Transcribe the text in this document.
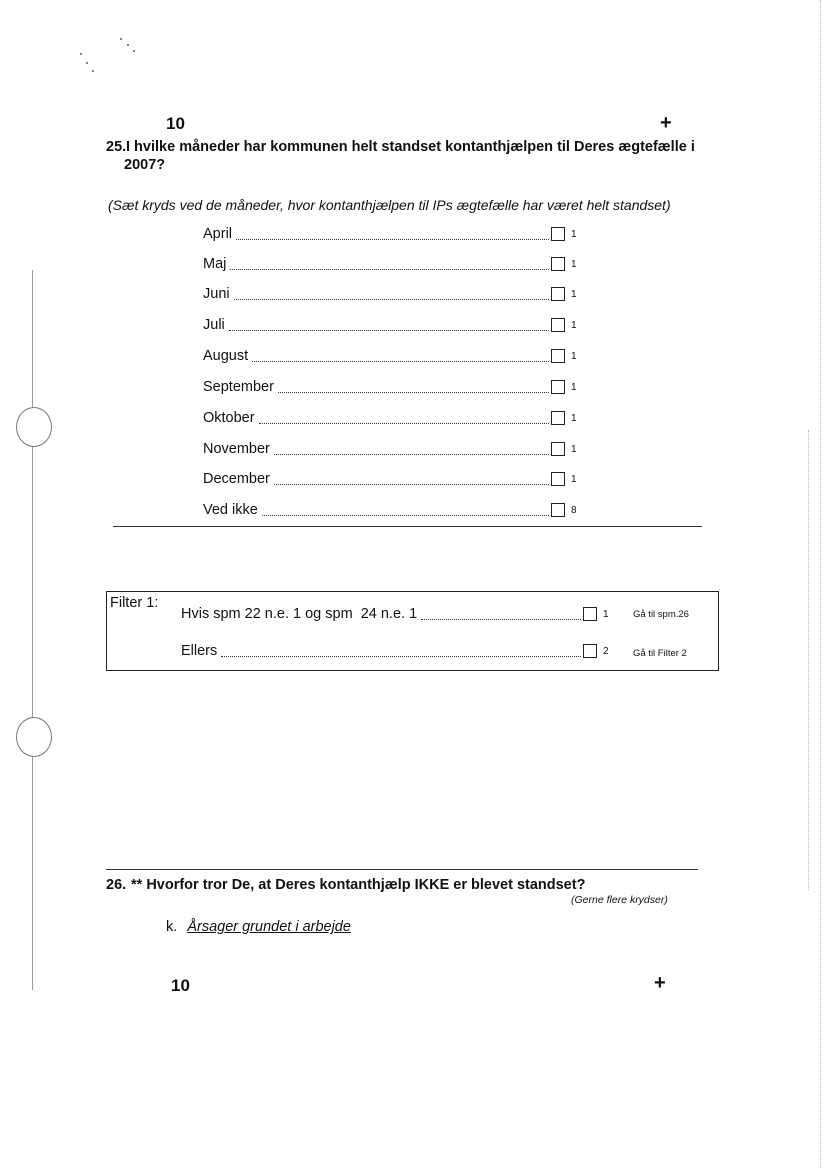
10	+
25. I hvilke måneder har kommunen helt standset kontanthjælpen til Deres ægtefælle i
2007?
(Sæt kryds ved de måneder, hvor kontanthjælpen til IPs ægtefælle har været helt standset)
April	1
Maj	1
Juni	1
Juli	1
August	1
September	1
Oktober	1
November	1
December	1
Ved ikke	8
Filter 1:
Hvis spm 22 n.e. 1 og spm  24 n.e. 1	1	Gå til spm.26
Ellers	2	Gå til Filter 2
26. ** Hvorfor tror De, at Deres kontanthjælp IKKE er blevet standset?
(Gerne flere krydser)
k. Årsager grundet i arbejde
10	+
